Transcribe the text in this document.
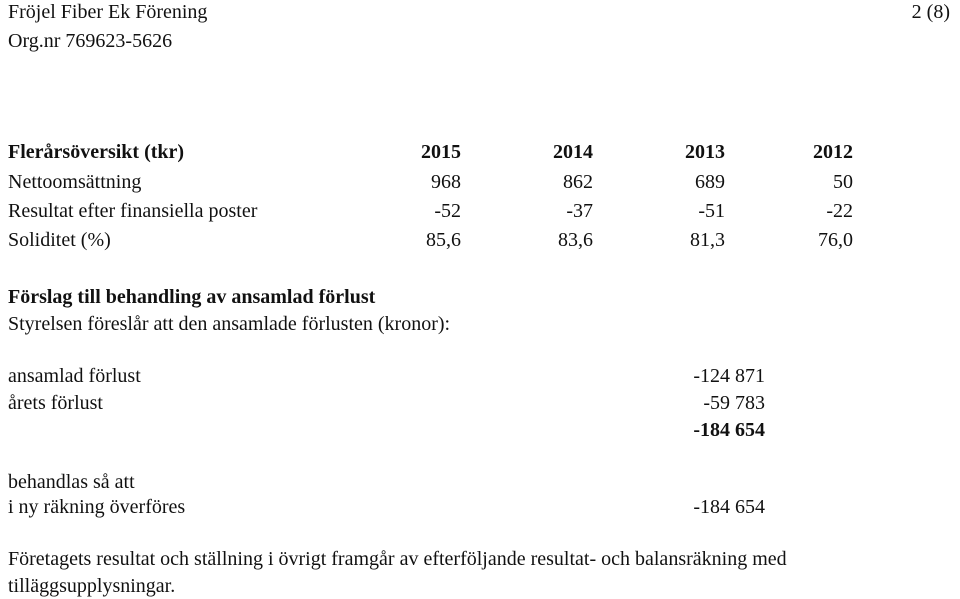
Fröjel Fiber Ek Förening
Org.nr 769623-5626
2 (8)
Flerårsöversikt (tkr)	2015	2014	2013	2012
Nettoomsättning	968	862	689	50
Resultat efter finansiella poster	-52	-37	-51	-22
Soliditet (%)	85,6	83,6	81,3	76,0
Förslag till behandling av ansamlad förlust
Styrelsen föreslår att den ansamlade förlusten (kronor):
ansamlad förlust	-124 871
årets förlust	-59 783
-184 654
behandlas så att
i ny räkning överföres	-184 654
Företagets resultat och ställning i övrigt framgår av efterföljande resultat- och balansräkning med
tilläggsupplysningar.
